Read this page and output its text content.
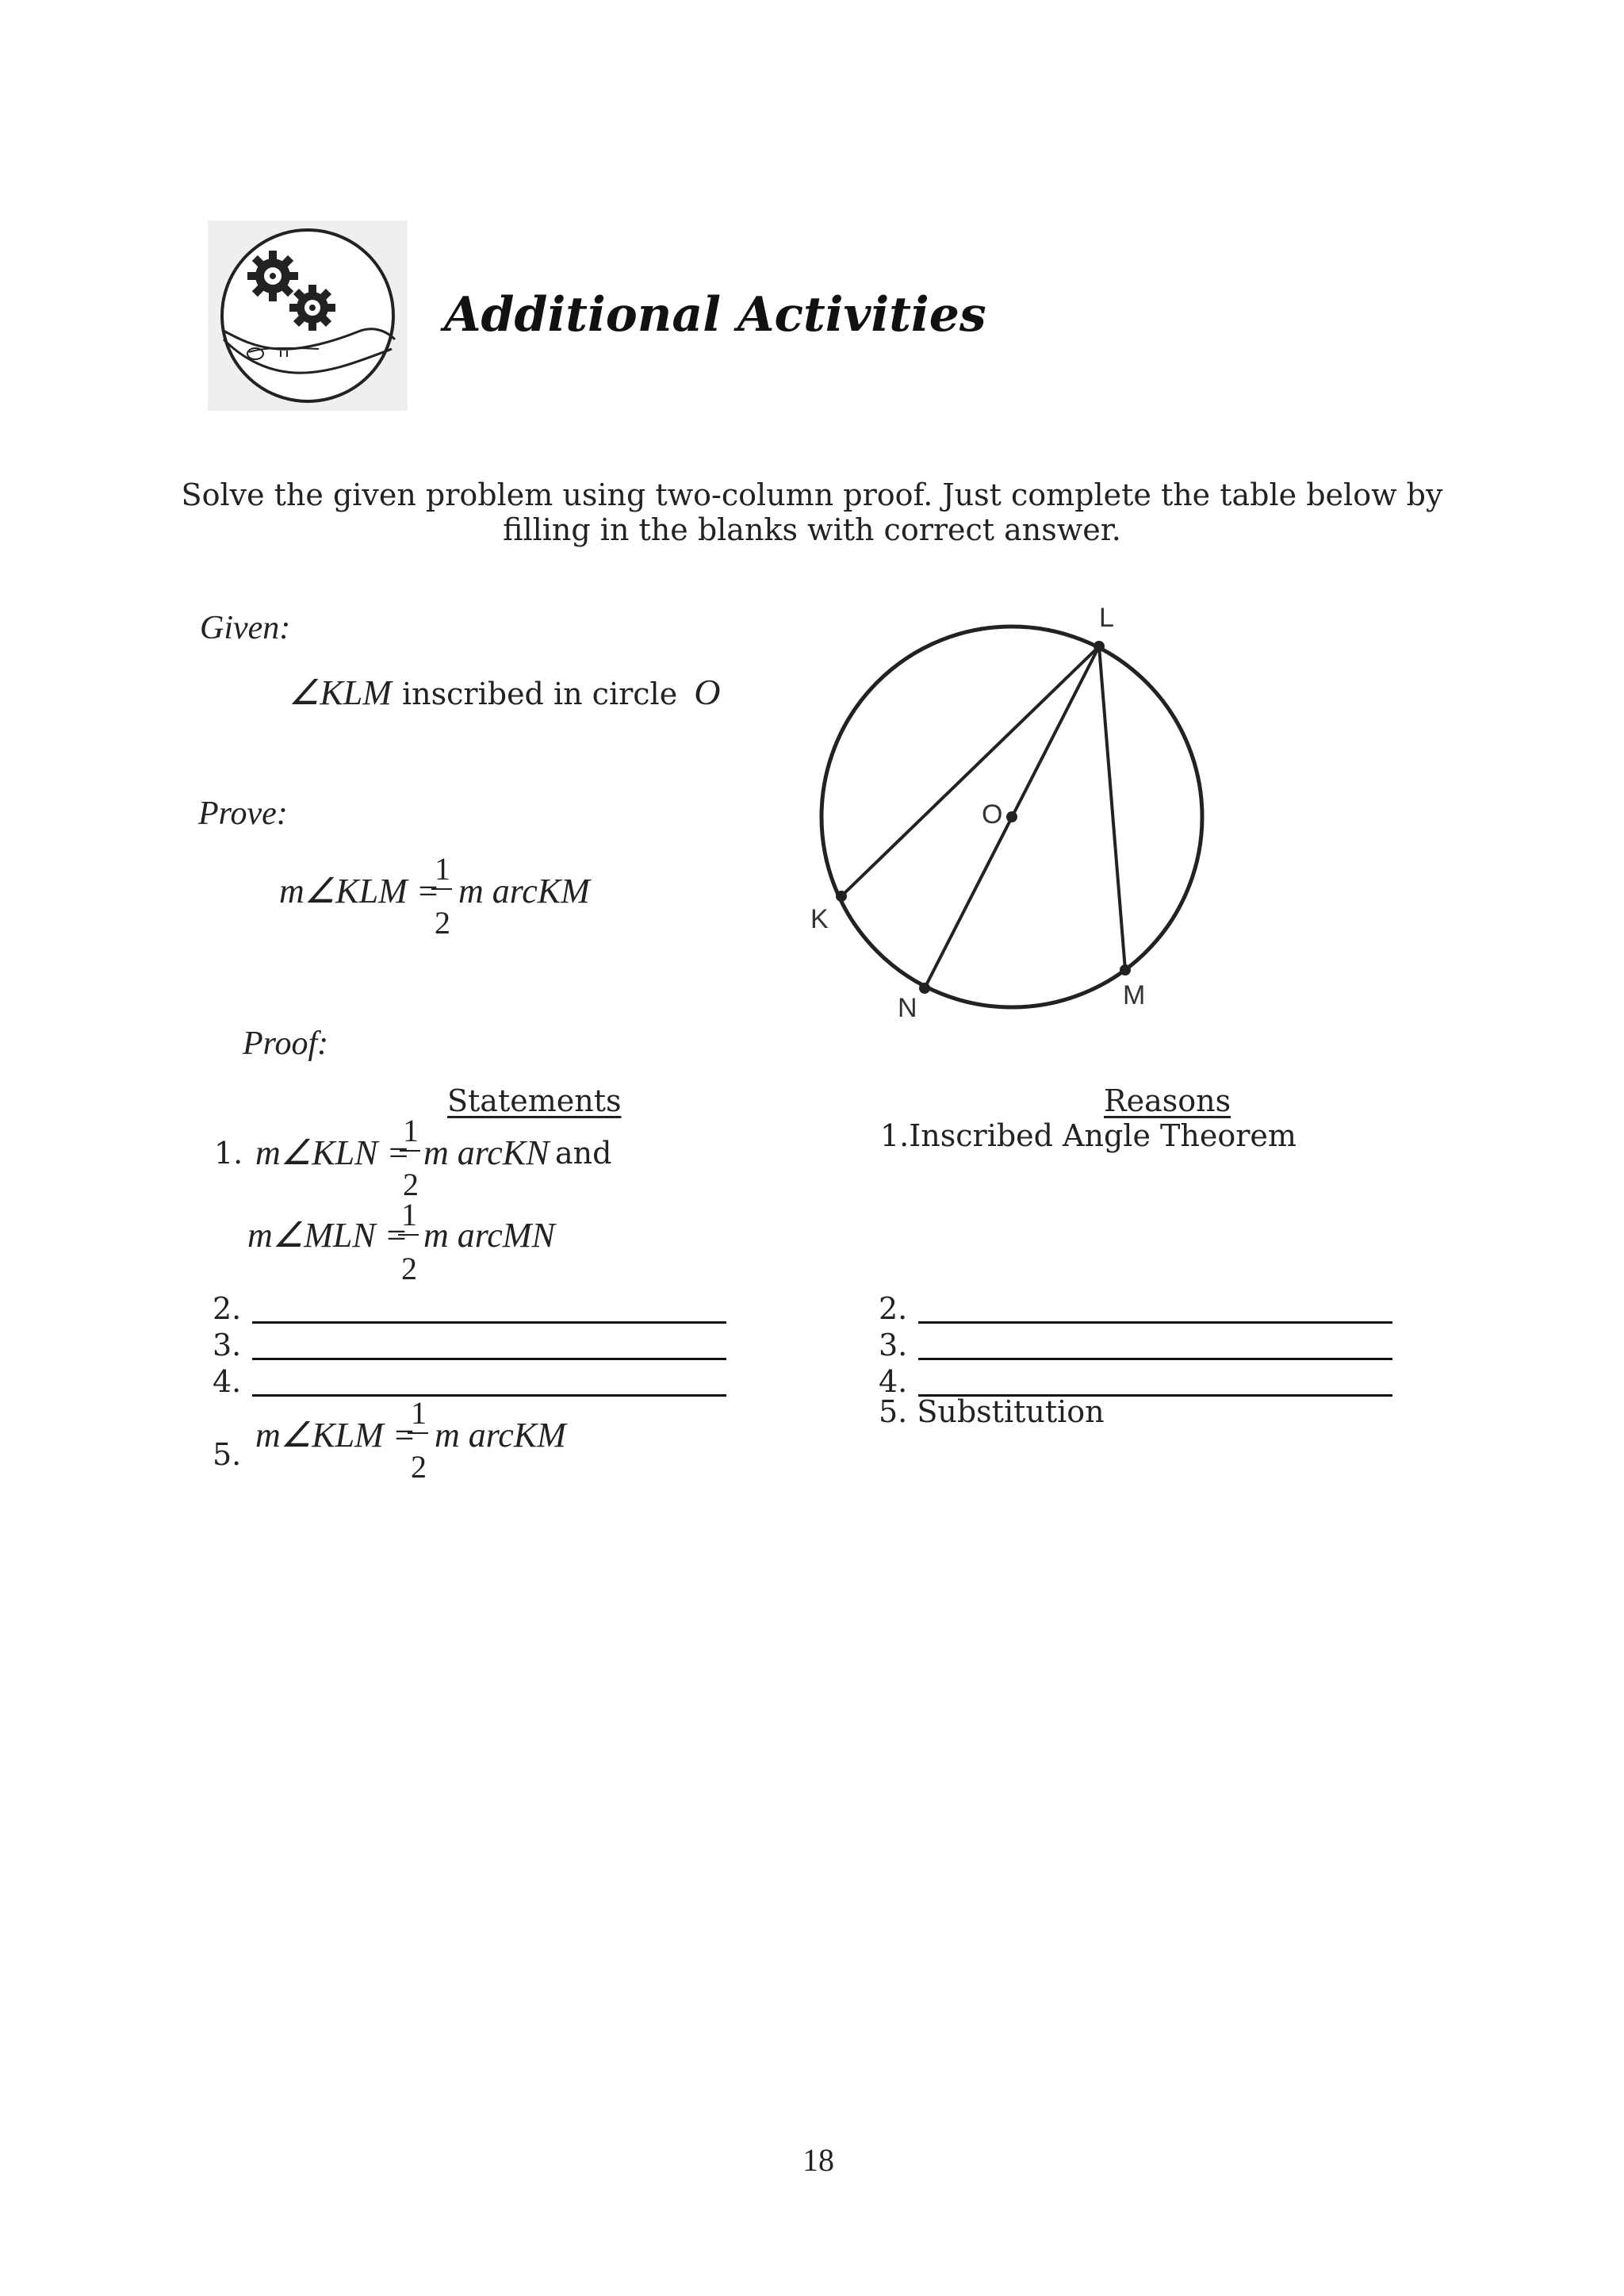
Additional Activities
Solve the given problem using two-column proof. Just complete the table below by
filling in the blanks with correct answer.
Given:
∠KLM inscribed in circle O
Prove:
m∠KLM =
1
2
m arcKM
L
O
K
N	M
Proof:
Statements	Reasons
1. m∠KLN =
1
2
m arcKN and
m∠MLN =
1
2
m arcMN
2.
3.
4.
5. m∠KLM =
1
2
m arcKM
1.Inscribed Angle Theorem
2.
3.
4.
5. Substitution
18
